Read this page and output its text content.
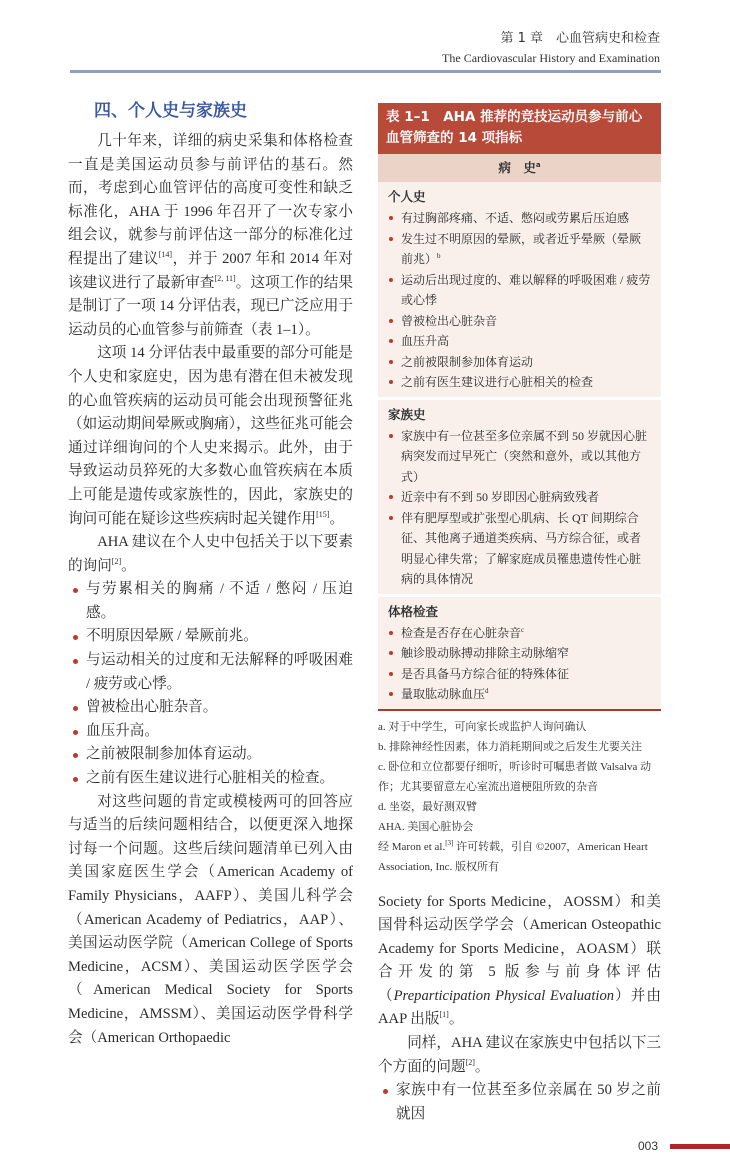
第 1 章　心血管病史和检查
The Cardiovascular History and Examination
四、个人史与家族史

几十年来，详细的病史采集和体格检查一直是美国运动员参与前评估的基石。然而，考虑到心血管评估的高度可变性和缺乏标准化，AHA 于 1996 年召开了一次专家小组会议，就参与前评估这一部分的标准化过程提出了建议[14]，并于 2007 年和 2014 年对该建议进行了最新审查[2, 11]。这项工作的结果是制订了一项 14 分评估表，现已广泛应用于运动员的心血管参与前筛查（表 1–1）。

这项 14 分评估表中最重要的部分可能是个人史和家庭史，因为患有潜在但未被发现的心血管疾病的运动员可能会出现预警征兆（如运动期间晕厥或胸痛），这些征兆可能会通过详细询问的个人史来揭示。此外，由于导致运动员猝死的大多数心血管疾病在本质上可能是遗传或家族性的，因此，家族史的询问可能在疑诊这些疾病时起关键作用[15]。

AHA 建议在个人史中包括关于以下要素的询问[2]。

与劳累相关的胸痛 / 不适 / 憋闷 / 压迫感。
不明原因晕厥 / 晕厥前兆。
与运动相关的过度和无法解释的呼吸困难 / 疲劳或心悸。
曾被检出心脏杂音。
血压升高。
之前被限制参加体育运动。
之前有医生建议进行心脏相关的检查。

对这些问题的肯定或模棱两可的回答应与适当的后续问题相结合，以便更深入地探讨每一个问题。这些后续问题清单已列入由美国家庭医生学会（American Academy of Family Physicians，AAFP）、美国儿科学会（American Academy of Pediatrics，AAP）、美国运动医学院（American College of Sports Medicine，ACSM）、美国运动医学医学会（American Medical Society for Sports Medicine，AMSSM）、美国运动医学骨科学会（American Orthopaedic

表 1–1　AHA 推荐的竞技运动员参与前心血管筛查的 14 项指标
病　史$^a$
个人史
有过胸部疼痛、不适、憋闷或劳累后压迫感
发生过不明原因的晕厥，或者近乎晕厥（晕厥前兆）$^b$
运动后出现过度的、难以解释的呼吸困难 / 疲劳或心悸
曾被检出心脏杂音
血压升高
之前被限制参加体育运动
之前有医生建议进行心脏相关的检查
家族史
家族中有一位甚至多位亲属不到 50 岁就因心脏病突发而过早死亡（突然和意外，或以其他方式）
近亲中有不到 50 岁即因心脏病致残者
伴有肥厚型或扩张型心肌病、长 QT 间期综合征、其他离子通道类疾病、马方综合征，或者明显心律失常；了解家庭成员罹患遗传性心脏病的具体情况
体格检查
检查是否存在心脏杂音$^c$
触诊股动脉搏动排除主动脉缩窄
是否具备马方综合征的特殊体征
量取肱动脉血压$^d$
a. 对于中学生，可向家长或监护人询问确认
b. 排除神经性因素，体力消耗期间或之后发生尤要关注
c. 卧位和立位都要仔细听，听诊时可嘱患者做 Valsalva 动作；尤其要留意左心室流出道梗阻所致的杂音
d. 坐姿，最好测双臂
AHA. 美国心脏协会
经 Maron et al.[3] 许可转载，引自 ©2007，American Heart Association, Inc. 版权所有

Society for Sports Medicine，AOSSM）和美国骨科运动医学学会（American Osteopathic Academy for Sports Medicine，AOASM）联合开发的第 5 版参与前身体评估（Preparticipation Physical Evaluation）并由 AAP 出版[1]。

同样，AHA 建议在家族史中包括以下三个方面的问题[2]。

家族中有一位甚至多位亲属在 50 岁之前就因
003
